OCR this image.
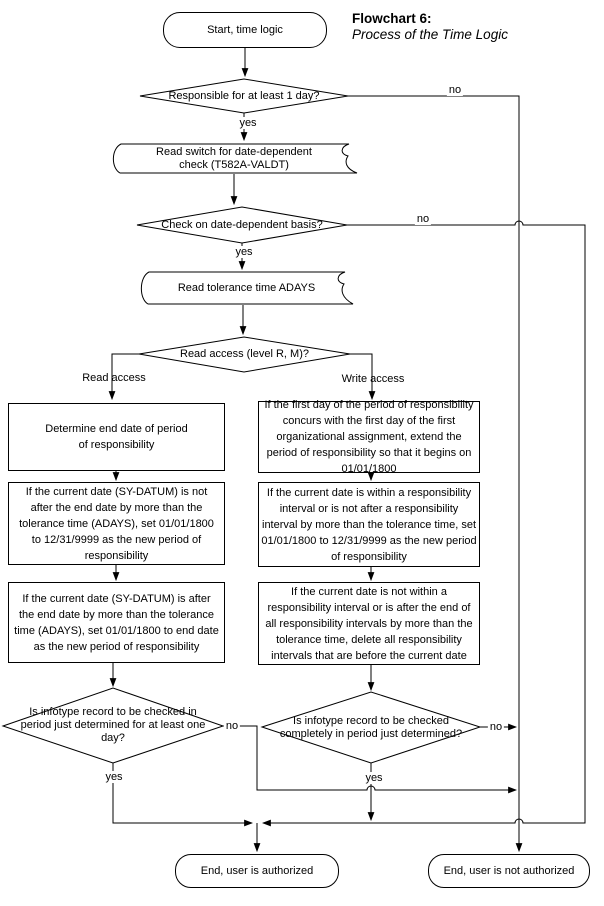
Flowchart 6:
Process of the Time Logic
Start, time logic
End, user is authorized	End, user is not authorized
Responsible for at least 1 day?
Check on date-dependent basis?
Read access (level R, M)?
Is infotype record to be checked in period just determined for at least one day?
Is infotype record to be checked completely in period just determined?
Read switch for date-dependent check (T582A-VALDT)
Read tolerance time ADAYS
Determine end date of period of responsibility
If the current date (SY-DATUM) is not after the end date by more than the tolerance time (ADAYS), set 01/01/1800 to 12/31/9999 as the new period of responsibility
If the current date (SY-DATUM) is after the end date by more than the tolerance time (ADAYS), set 01/01/1800 to end date as the new period of responsibility
If the first day of the period of responsibility concurs with the first day of the first organizational assignment, extend the period of responsibility so that it begins on 01/01/1800
If the current date is within a responsibility interval or is not after a responsibility interval by more than the tolerance time, set 01/01/1800 to 12/31/9999 as the new period of responsibility
If the current date is not within a responsibility interval or is after the end of all responsibility intervals by more than the tolerance time, delete all responsibility intervals that are before the current date
yes
no
yes
no
Read access	Write access
yes
no
yes
no
